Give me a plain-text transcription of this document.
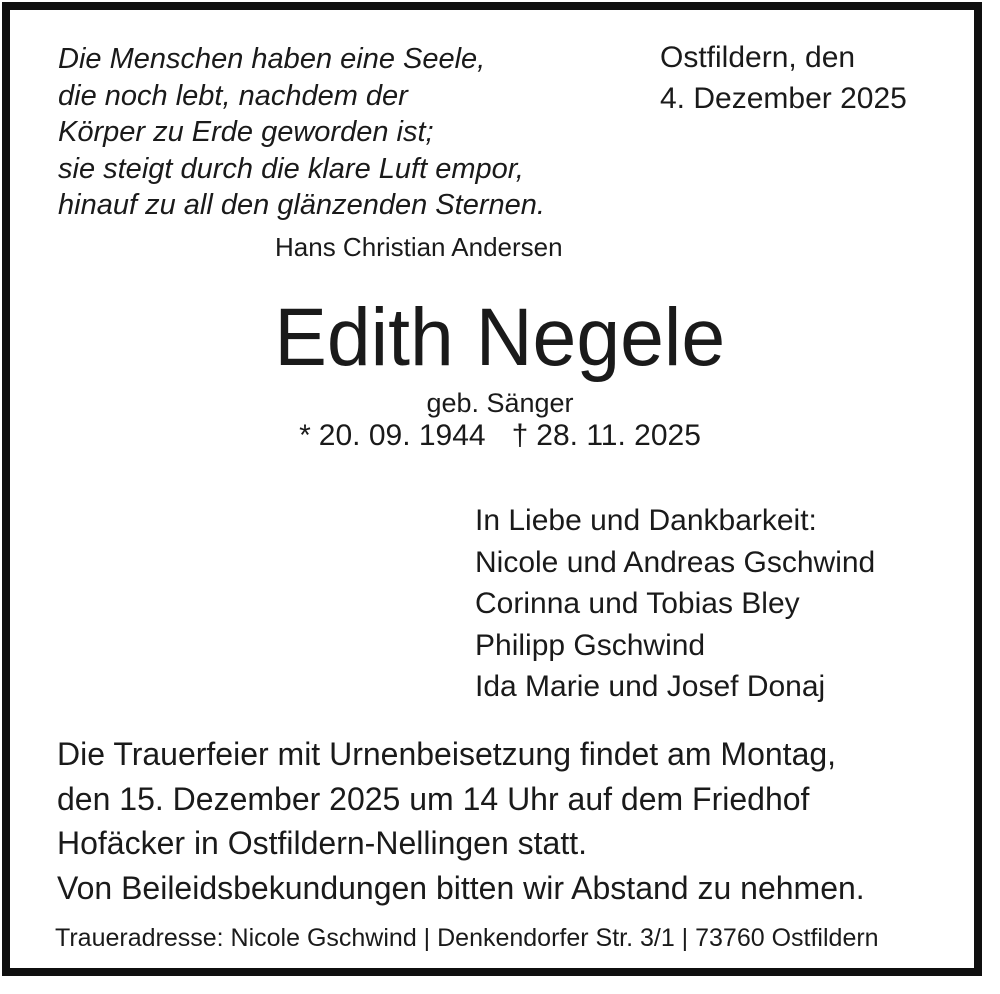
Die Menschen haben eine Seele,
die noch lebt, nachdem der
Körper zu Erde geworden ist;
sie steigt durch die klare Luft empor,
hinauf zu all den glänzenden Sternen.
Hans Christian Andersen
Ostfildern, den
4. Dezember 2025
Edith Negele
geb. Sänger
* 20. 09. 1944 † 28. 11. 2025
In Liebe und Dankbarkeit:
Nicole und Andreas Gschwind
Corinna und Tobias Bley
Philipp Gschwind
Ida Marie und Josef Donaj
Die Trauerfeier mit Urnenbeisetzung findet am Montag,
den 15. Dezember 2025 um 14 Uhr auf dem Friedhof
Hofäcker in Ostfildern-Nellingen statt.
Von Beileidsbekundungen bitten wir Abstand zu nehmen.
Traueradresse: Nicole Gschwind | Denkendorfer Str. 3/1 | 73760 Ostfildern
